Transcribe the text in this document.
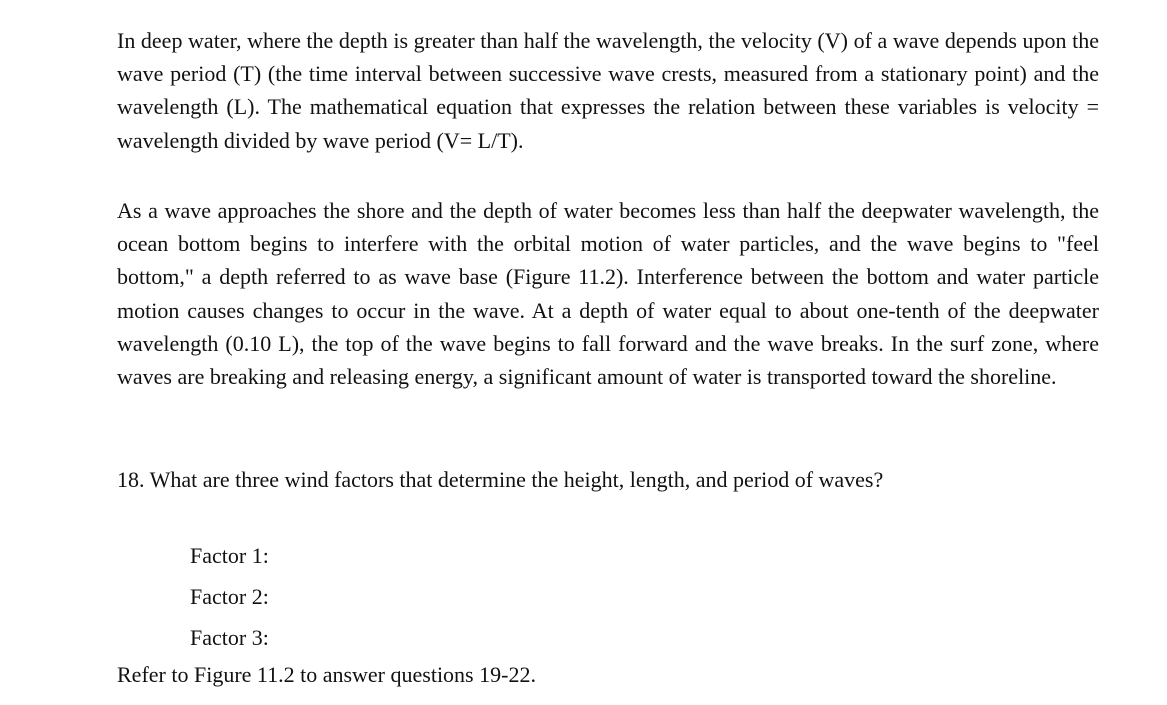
In deep water, where the depth is greater than half the wavelength, the velocity (V) of a wave depends upon the wave period (T) (the time interval between successive wave crests, measured from a stationary point) and the wavelength (L). The mathematical equation that expresses the relation between these variables is velocity = wavelength divided by wave period (V= L/T).

As a wave approaches the shore and the depth of water becomes less than half the deepwater wavelength, the ocean bottom begins to interfere with the orbital motion of water particles, and the wave begins to "feel bottom," a depth referred to as wave base (Figure 11.2). Interference between the bottom and water particle motion causes changes to occur in the wave. At a depth of water equal to about one-tenth of the deepwater wavelength (0.10 L), the top of the wave begins to fall forward and the wave breaks. In the surf zone, where waves are breaking and releasing energy, a significant amount of water is transported toward the shoreline.

18. What are three wind factors that determine the height, length, and period of waves?

Factor 1:
Factor 2:
Factor 3:

Refer to Figure 11.2 to answer questions 19-22.
